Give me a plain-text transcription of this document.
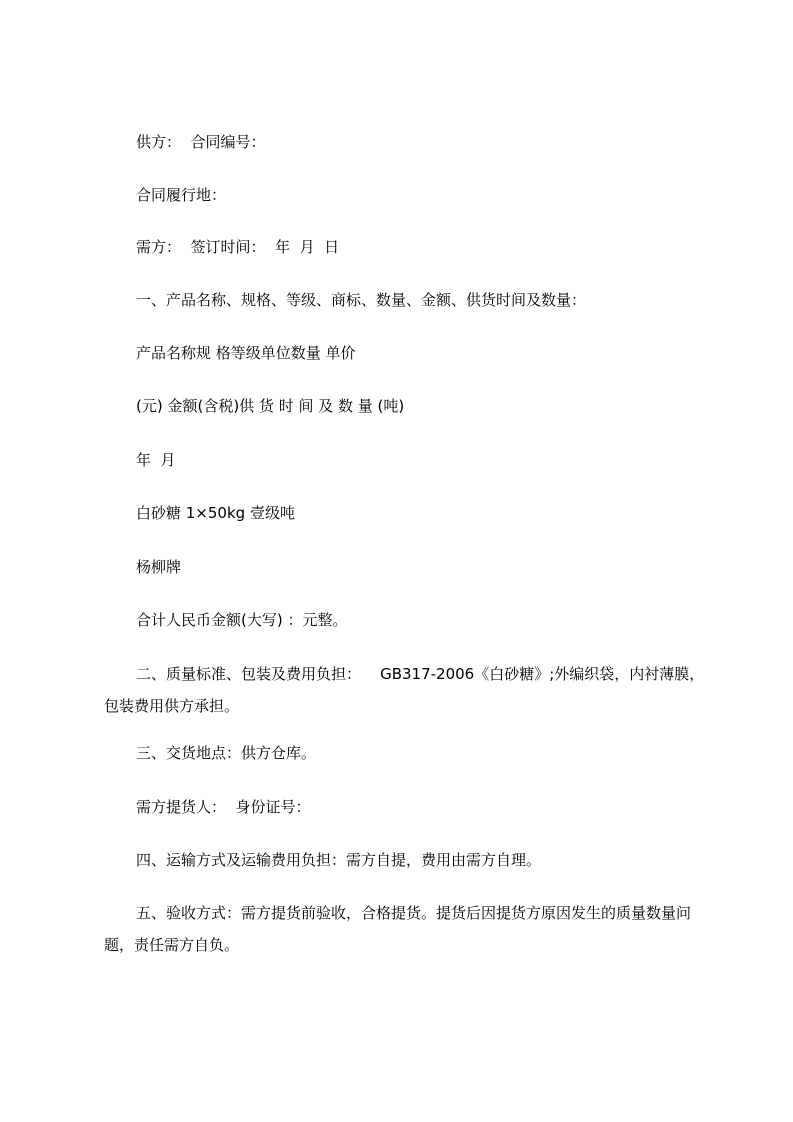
供方：  合同编号：

合同履行地：

需方：  签订时间：  年  月  日

一、产品名称、规格、等级、商标、数量、金额、供货时间及数量：

产品名称规 格等级单位数量 单价

(元) 金额(含税)供 货 时 间 及 数 量 (吨)

年  月

白砂糖 1×50kg 壹级吨

杨柳牌

合计人民币金额(大写) ：元整。

二、质量标准、包装及费用负担：    GB317-2006《白砂糖》;外编织袋，内衬薄膜，包装费用供方承担。

三、交货地点：供方仓库。

需方提货人：  身份证号：

四、运输方式及运输费用负担：需方自提，费用由需方自理。

五、验收方式：需方提货前验收，合格提货。提货后因提货方原因发生的质量数量问题，责任需方自负。
